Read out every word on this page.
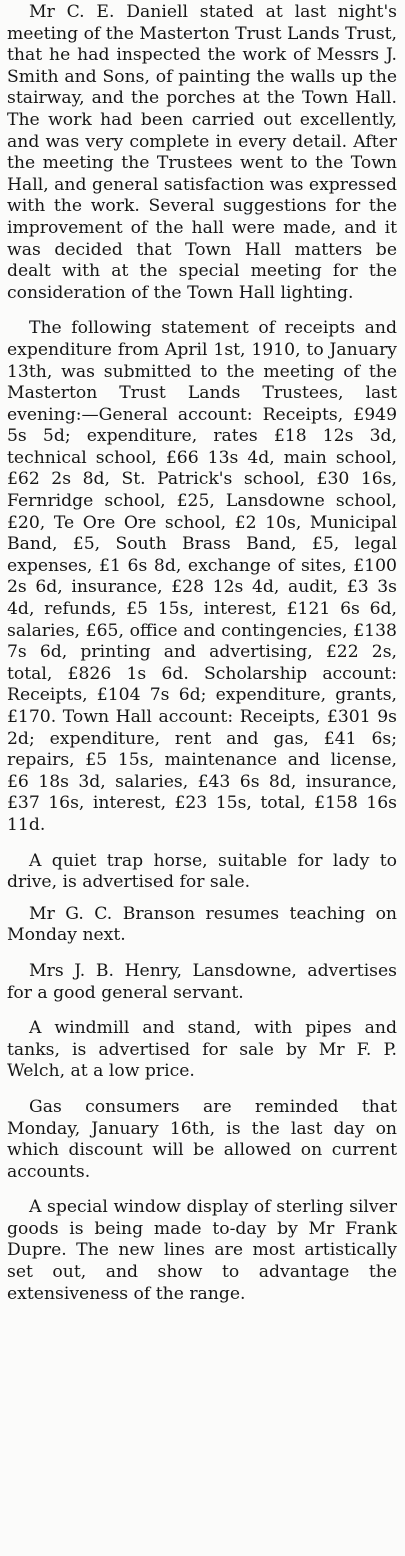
Mr C. E. Daniell stated at last night's meeting of the Masterton Trust Lands Trust, that he had inspected the work of Messrs J. Smith and Sons, of painting the walls up the stairway, and the porches at the Town Hall. The work had been carried out excellently, and was very complete in every detail. After the meeting the Trustees went to the Town Hall, and general satisfaction was expressed with the work. Several suggestions for the improvement of the hall were made, and it was decided that Town Hall matters be dealt with at the special meeting for the consideration of the Town Hall lighting.

The following statement of receipts and expenditure from April 1st, 1910, to January 13th, was submitted to the meeting of the Masterton Trust Lands Trustees, last evening:—General account: Receipts, £949 5s 5d; expenditure, rates £18 12s 3d, technical school, £66 13s 4d, main school, £62 2s 8d, St. Patrick's school, £30 16s, Fernridge school, £25, Lansdowne school, £20, Te Ore Ore school, £2 10s, Municipal Band, £5, South Brass Band, £5, legal expenses, £1 6s 8d, exchange of sites, £100 2s 6d, insurance, £28 12s 4d, audit, £3 3s 4d, refunds, £5 15s, interest, £121 6s 6d, salaries, £65, office and contingencies, £138 7s 6d, printing and advertising, £22 2s, total, £826 1s 6d. Scholarship account: Receipts, £104 7s 6d; expenditure, grants, £170. Town Hall account: Receipts, £301 9s 2d; expenditure, rent and gas, £41 6s; repairs, £5 15s, maintenance and license, £6 18s 3d, salaries, £43 6s 8d, insurance, £37 16s, interest, £23 15s, total, £158 16s 11d.

A quiet trap horse, suitable for lady to drive, is advertised for sale.

Mr G. C. Branson resumes teaching on Monday next.

Mrs J. B. Henry, Lansdowne, advertises for a good general servant.

A windmill and stand, with pipes and tanks, is advertised for sale by Mr F. P. Welch, at a low price.

Gas consumers are reminded that Monday, January 16th, is the last day on which discount will be allowed on current accounts.

A special window display of sterling silver goods is being made to-day by Mr Frank Dupre. The new lines are most artistically set out, and show to advantage the extensiveness of the range.
